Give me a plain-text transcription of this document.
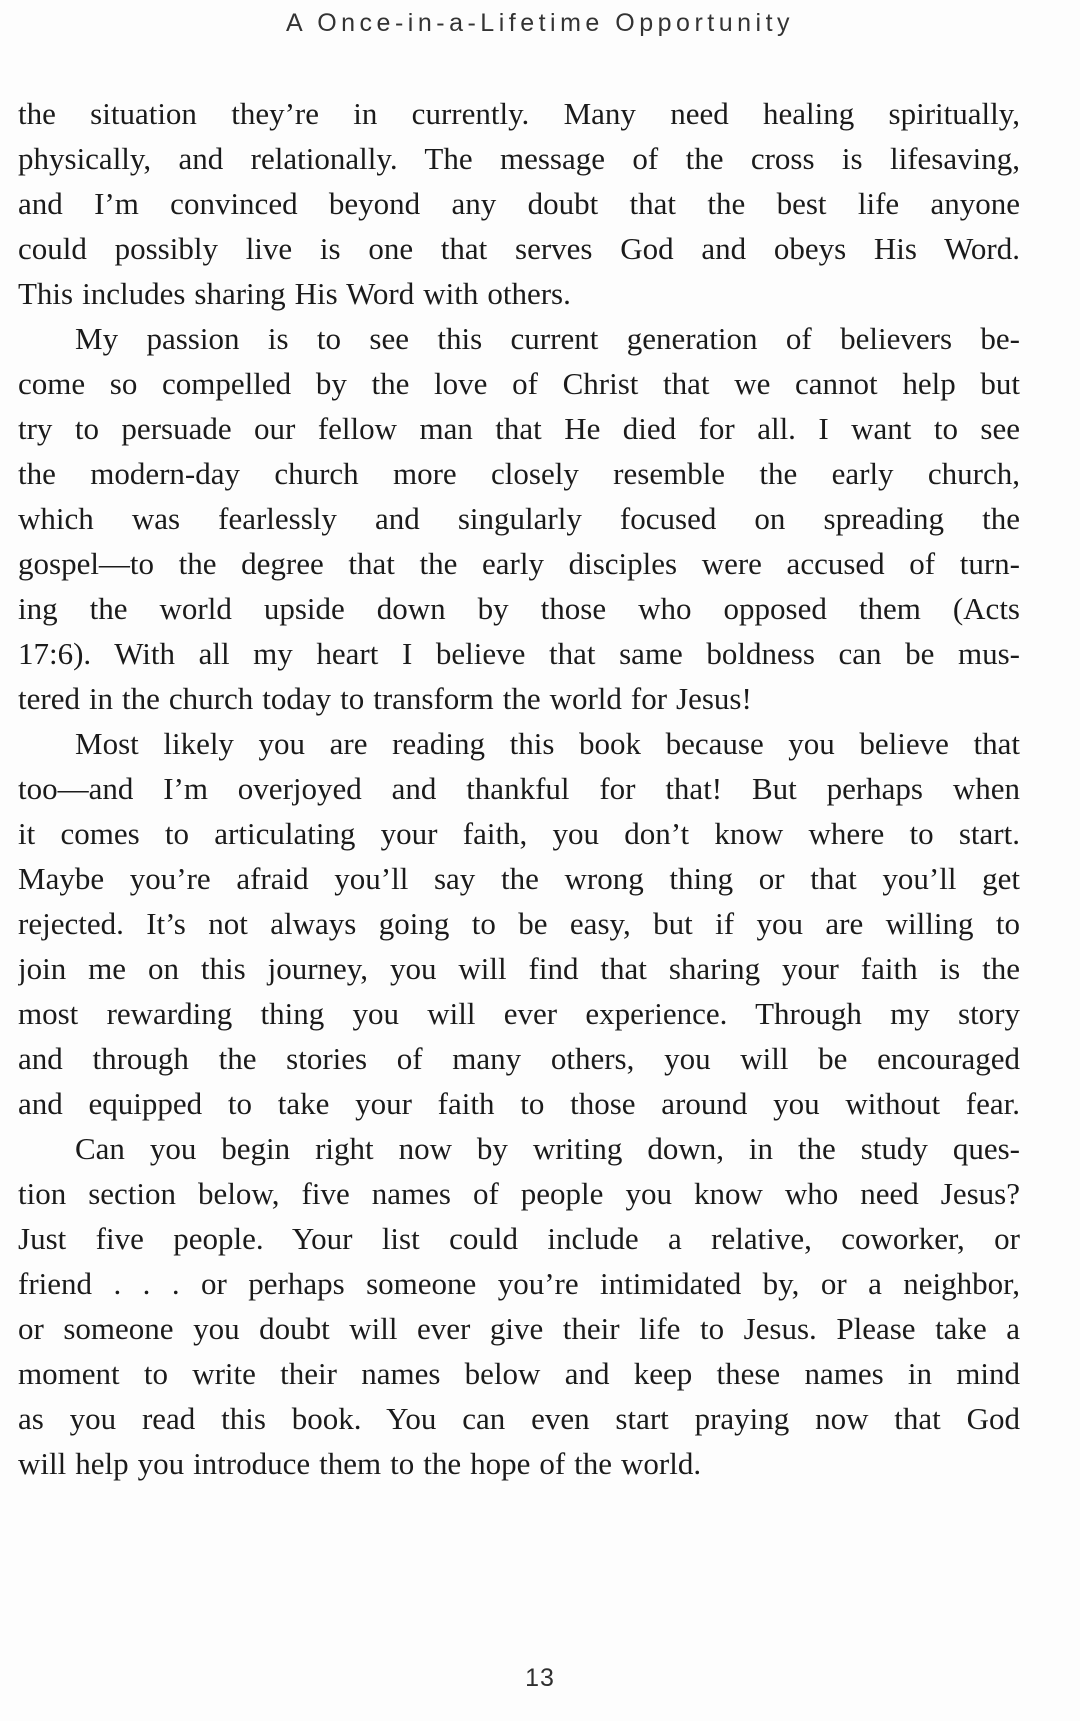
A Once-in-a-Lifetime Opportunity
the situation they’re in currently. Many need healing spiritually,
physically, and relationally. The message of the cross is lifesaving,
and I’m convinced beyond any doubt that the best life anyone
could possibly live is one that serves God and obeys His Word.
This includes sharing His Word with others.
My passion is to see this current generation of believers be-
come so compelled by the love of Christ that we cannot help but
try to persuade our fellow man that He died for all. I want to see
the modern-day church more closely resemble the early church,
which was fearlessly and singularly focused on spreading the
gospel—to the degree that the early disciples were accused of turn-
ing the world upside down by those who opposed them (Acts
17:6). With all my heart I believe that same boldness can be mus-
tered in the church today to transform the world for Jesus!
Most likely you are reading this book because you believe that
too—and I’m overjoyed and thankful for that! But perhaps when
it comes to articulating your faith, you don’t know where to start.
Maybe you’re afraid you’ll say the wrong thing or that you’ll get
rejected. It’s not always going to be easy, but if you are willing to
join me on this journey, you will find that sharing your faith is the
most rewarding thing you will ever experience. Through my story
and through the stories of many others, you will be encouraged
and equipped to take your faith to those around you without fear.
Can you begin right now by writing down, in the study ques-
tion section below, five names of people you know who need Jesus?
Just five people. Your list could include a relative, coworker, or
friend . . . or perhaps someone you’re intimidated by, or a neighbor,
or someone you doubt will ever give their life to Jesus. Please take a
moment to write their names below and keep these names in mind
as you read this book. You can even start praying now that God
will help you introduce them to the hope of the world.
13
